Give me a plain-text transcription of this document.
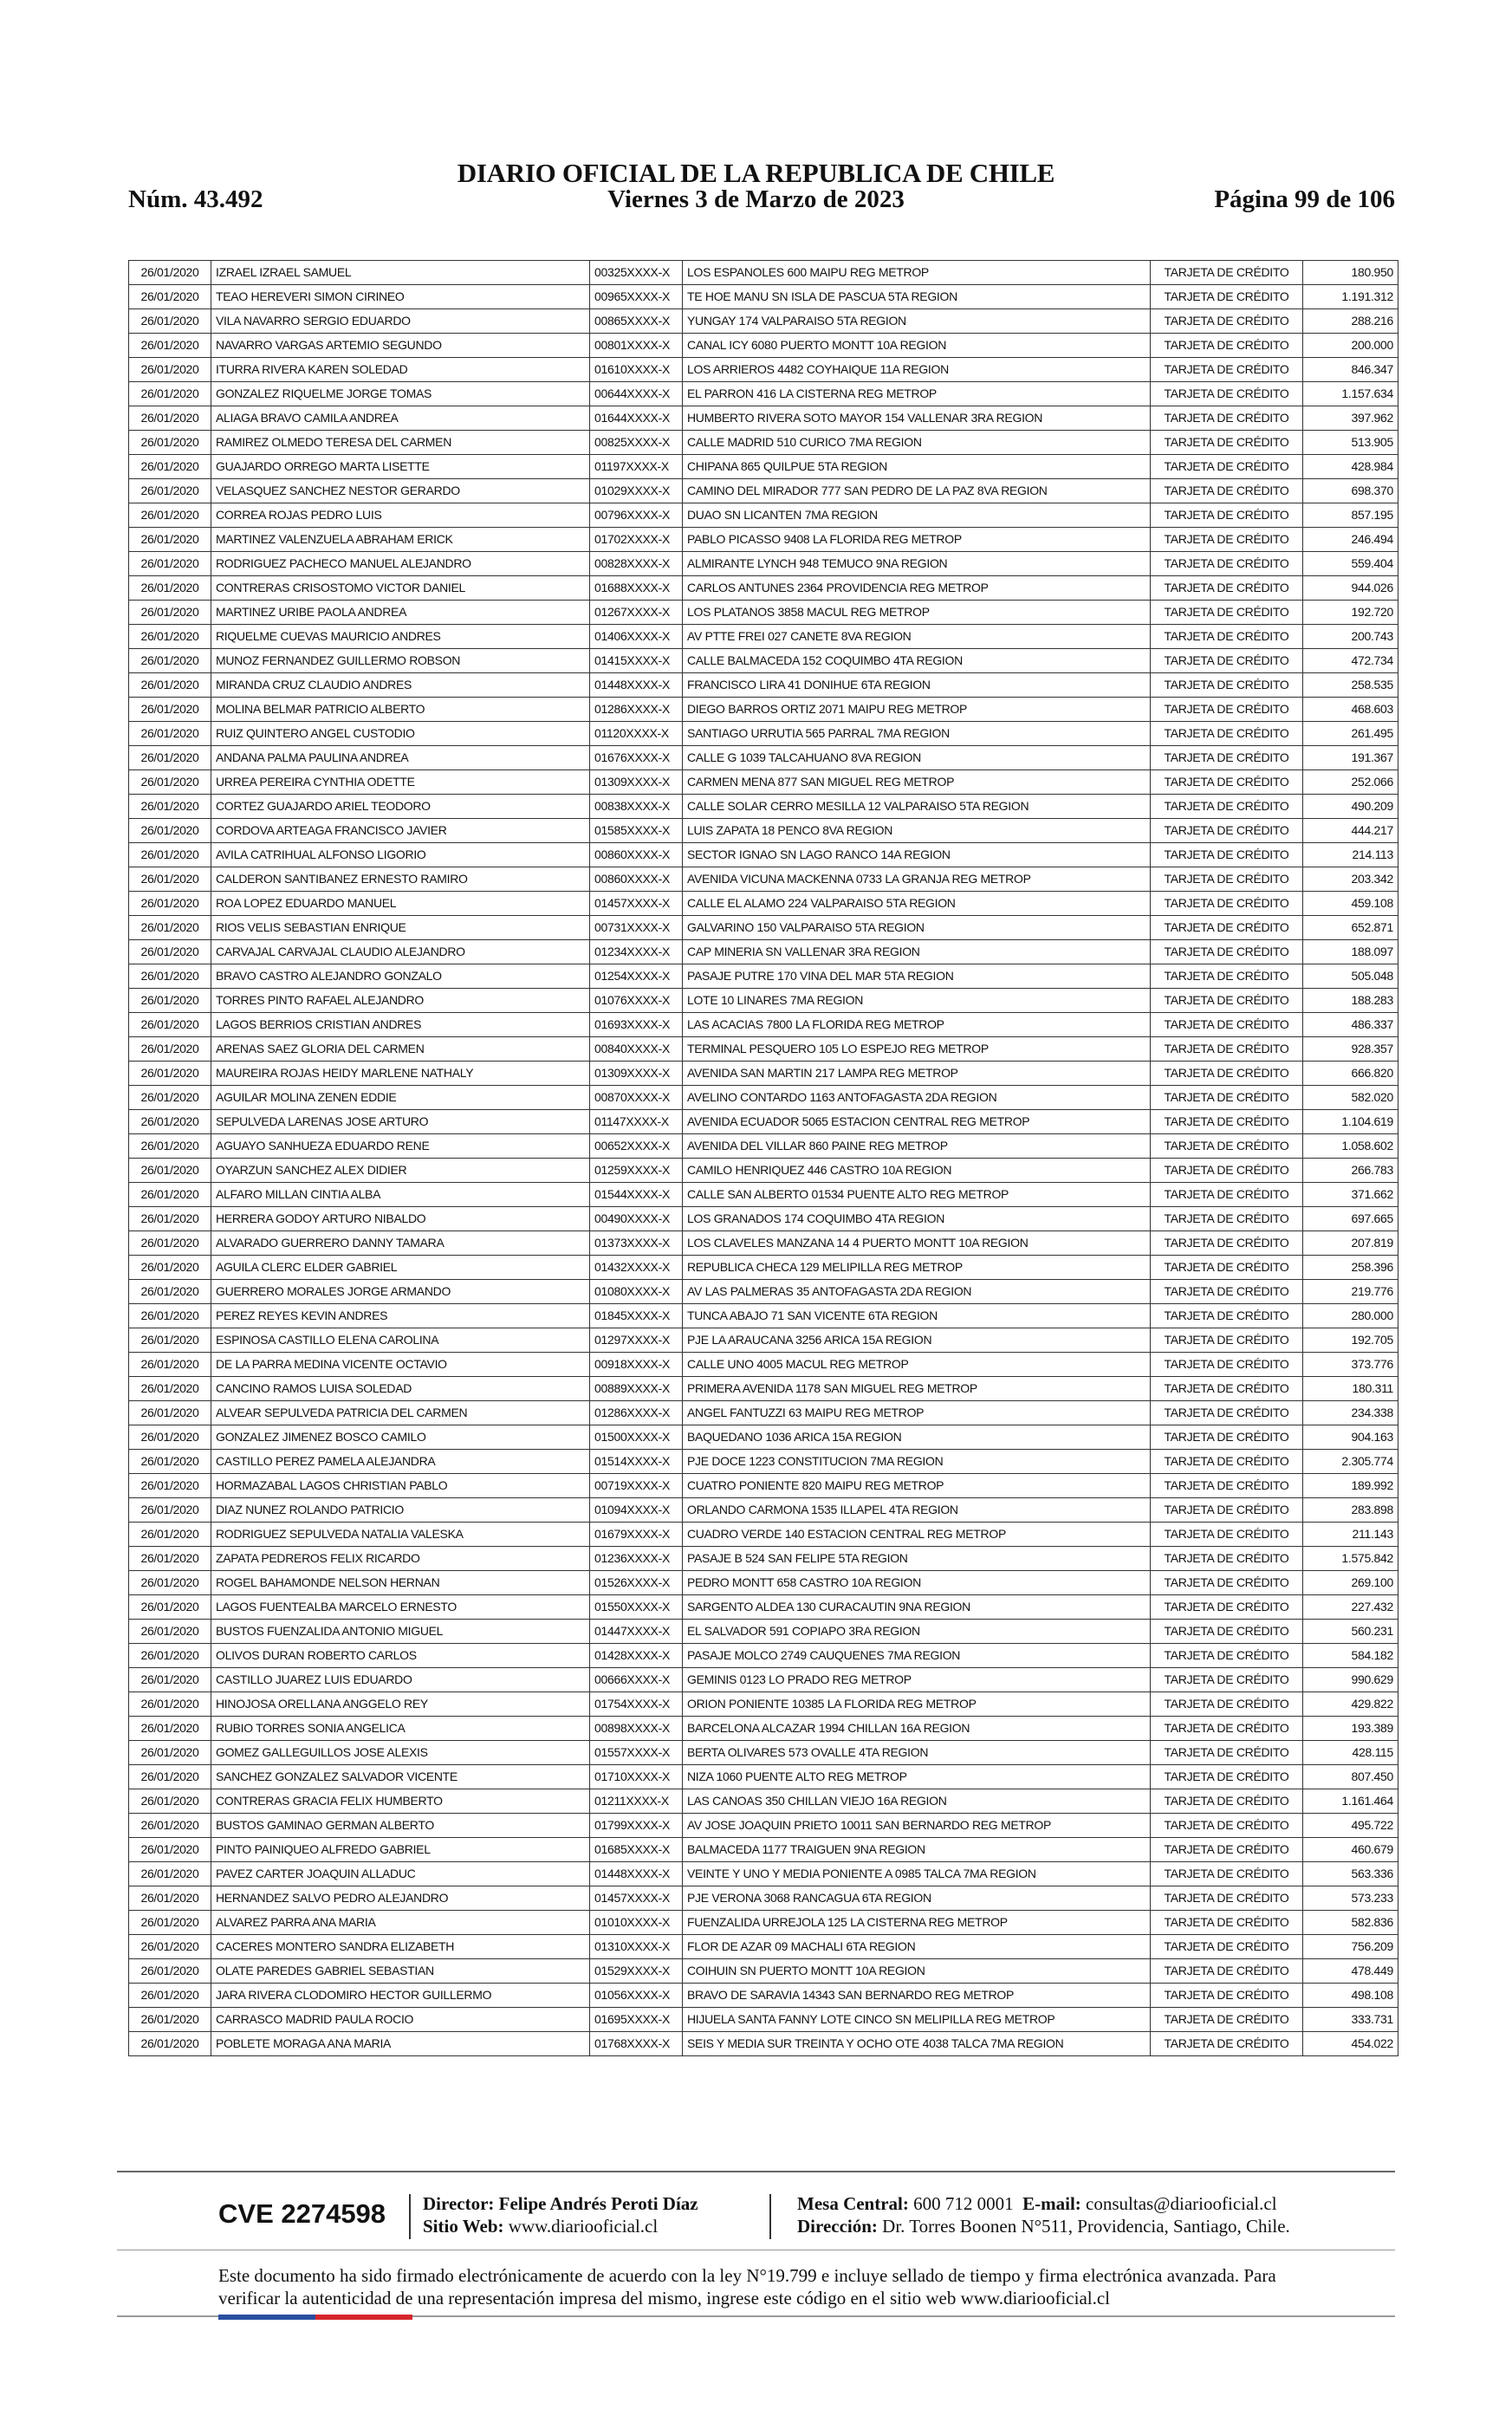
DIARIO OFICIAL DE LA REPUBLICA DE CHILE
Núm. 43.492	Viernes 3 de Marzo de 2023	Página 99 de 106
26/01/2020	IZRAEL IZRAEL SAMUEL	00325XXXX-X	LOS ESPANOLES 600 MAIPU REG METROP	TARJETA DE CRÉDITO	180.950
26/01/2020	TEAO HEREVERI SIMON CIRINEO	00965XXXX-X	TE HOE MANU SN ISLA DE PASCUA 5TA REGION	TARJETA DE CRÉDITO	1.191.312
26/01/2020	VILA NAVARRO SERGIO EDUARDO	00865XXXX-X	YUNGAY 174 VALPARAISO 5TA REGION	TARJETA DE CRÉDITO	288.216
26/01/2020	NAVARRO VARGAS ARTEMIO SEGUNDO	00801XXXX-X	CANAL ICY 6080 PUERTO MONTT 10A REGION	TARJETA DE CRÉDITO	200.000
26/01/2020	ITURRA RIVERA KAREN SOLEDAD	01610XXXX-X	LOS ARRIEROS 4482 COYHAIQUE 11A REGION	TARJETA DE CRÉDITO	846.347
26/01/2020	GONZALEZ RIQUELME JORGE TOMAS	00644XXXX-X	EL PARRON 416 LA CISTERNA REG METROP	TARJETA DE CRÉDITO	1.157.634
26/01/2020	ALIAGA BRAVO CAMILA ANDREA	01644XXXX-X	HUMBERTO RIVERA SOTO MAYOR 154 VALLENAR 3RA REGION	TARJETA DE CRÉDITO	397.962
26/01/2020	RAMIREZ OLMEDO TERESA DEL CARMEN	00825XXXX-X	CALLE MADRID 510 CURICO 7MA REGION	TARJETA DE CRÉDITO	513.905
26/01/2020	GUAJARDO ORREGO MARTA LISETTE	01197XXXX-X	CHIPANA 865 QUILPUE 5TA REGION	TARJETA DE CRÉDITO	428.984
26/01/2020	VELASQUEZ SANCHEZ NESTOR GERARDO	01029XXXX-X	CAMINO DEL MIRADOR 777 SAN PEDRO DE LA PAZ 8VA REGION	TARJETA DE CRÉDITO	698.370
26/01/2020	CORREA ROJAS PEDRO LUIS	00796XXXX-X	DUAO SN LICANTEN 7MA REGION	TARJETA DE CRÉDITO	857.195
26/01/2020	MARTINEZ VALENZUELA ABRAHAM ERICK	01702XXXX-X	PABLO PICASSO 9408 LA FLORIDA REG METROP	TARJETA DE CRÉDITO	246.494
26/01/2020	RODRIGUEZ PACHECO MANUEL ALEJANDRO	00828XXXX-X	ALMIRANTE LYNCH 948 TEMUCO 9NA REGION	TARJETA DE CRÉDITO	559.404
26/01/2020	CONTRERAS CRISOSTOMO VICTOR DANIEL	01688XXXX-X	CARLOS ANTUNES 2364 PROVIDENCIA REG METROP	TARJETA DE CRÉDITO	944.026
26/01/2020	MARTINEZ URIBE PAOLA ANDREA	01267XXXX-X	LOS PLATANOS 3858 MACUL REG METROP	TARJETA DE CRÉDITO	192.720
26/01/2020	RIQUELME CUEVAS MAURICIO ANDRES	01406XXXX-X	AV PTTE FREI 027 CANETE 8VA REGION	TARJETA DE CRÉDITO	200.743
26/01/2020	MUNOZ FERNANDEZ GUILLERMO ROBSON	01415XXXX-X	CALLE BALMACEDA 152 COQUIMBO 4TA REGION	TARJETA DE CRÉDITO	472.734
26/01/2020	MIRANDA CRUZ CLAUDIO ANDRES	01448XXXX-X	FRANCISCO LIRA 41 DONIHUE 6TA REGION	TARJETA DE CRÉDITO	258.535
26/01/2020	MOLINA BELMAR PATRICIO ALBERTO	01286XXXX-X	DIEGO BARROS ORTIZ 2071 MAIPU REG METROP	TARJETA DE CRÉDITO	468.603
26/01/2020	RUIZ QUINTERO ANGEL CUSTODIO	01120XXXX-X	SANTIAGO URRUTIA 565 PARRAL 7MA REGION	TARJETA DE CRÉDITO	261.495
26/01/2020	ANDANA PALMA PAULINA ANDREA	01676XXXX-X	CALLE G 1039 TALCAHUANO 8VA REGION	TARJETA DE CRÉDITO	191.367
26/01/2020	URREA PEREIRA CYNTHIA ODETTE	01309XXXX-X	CARMEN MENA 877 SAN MIGUEL REG METROP	TARJETA DE CRÉDITO	252.066
26/01/2020	CORTEZ GUAJARDO ARIEL TEODORO	00838XXXX-X	CALLE SOLAR CERRO MESILLA 12 VALPARAISO 5TA REGION	TARJETA DE CRÉDITO	490.209
26/01/2020	CORDOVA ARTEAGA FRANCISCO JAVIER	01585XXXX-X	LUIS ZAPATA 18 PENCO 8VA REGION	TARJETA DE CRÉDITO	444.217
26/01/2020	AVILA CATRIHUAL ALFONSO LIGORIO	00860XXXX-X	SECTOR IGNAO SN LAGO RANCO 14A REGION	TARJETA DE CRÉDITO	214.113
26/01/2020	CALDERON SANTIBANEZ ERNESTO RAMIRO	00860XXXX-X	AVENIDA VICUNA MACKENNA 0733 LA GRANJA REG METROP	TARJETA DE CRÉDITO	203.342
26/01/2020	ROA LOPEZ EDUARDO MANUEL	01457XXXX-X	CALLE EL ALAMO 224 VALPARAISO 5TA REGION	TARJETA DE CRÉDITO	459.108
26/01/2020	RIOS VELIS SEBASTIAN ENRIQUE	00731XXXX-X	GALVARINO 150 VALPARAISO 5TA REGION	TARJETA DE CRÉDITO	652.871
26/01/2020	CARVAJAL CARVAJAL CLAUDIO ALEJANDRO	01234XXXX-X	CAP MINERIA SN VALLENAR 3RA REGION	TARJETA DE CRÉDITO	188.097
26/01/2020	BRAVO CASTRO ALEJANDRO GONZALO	01254XXXX-X	PASAJE PUTRE 170 VINA DEL MAR 5TA REGION	TARJETA DE CRÉDITO	505.048
26/01/2020	TORRES PINTO RAFAEL ALEJANDRO	01076XXXX-X	LOTE 10 LINARES 7MA REGION	TARJETA DE CRÉDITO	188.283
26/01/2020	LAGOS BERRIOS CRISTIAN ANDRES	01693XXXX-X	LAS ACACIAS 7800 LA FLORIDA REG METROP	TARJETA DE CRÉDITO	486.337
26/01/2020	ARENAS SAEZ GLORIA DEL CARMEN	00840XXXX-X	TERMINAL PESQUERO 105 LO ESPEJO REG METROP	TARJETA DE CRÉDITO	928.357
26/01/2020	MAUREIRA ROJAS HEIDY MARLENE NATHALY	01309XXXX-X	AVENIDA SAN MARTIN 217 LAMPA REG METROP	TARJETA DE CRÉDITO	666.820
26/01/2020	AGUILAR MOLINA ZENEN EDDIE	00870XXXX-X	AVELINO CONTARDO 1163 ANTOFAGASTA 2DA REGION	TARJETA DE CRÉDITO	582.020
26/01/2020	SEPULVEDA LARENAS JOSE ARTURO	01147XXXX-X	AVENIDA ECUADOR 5065 ESTACION CENTRAL REG METROP	TARJETA DE CRÉDITO	1.104.619
26/01/2020	AGUAYO SANHUEZA EDUARDO RENE	00652XXXX-X	AVENIDA DEL VILLAR 860 PAINE REG METROP	TARJETA DE CRÉDITO	1.058.602
26/01/2020	OYARZUN SANCHEZ ALEX DIDIER	01259XXXX-X	CAMILO HENRIQUEZ 446 CASTRO 10A REGION	TARJETA DE CRÉDITO	266.783
26/01/2020	ALFARO MILLAN CINTIA ALBA	01544XXXX-X	CALLE SAN ALBERTO 01534 PUENTE ALTO REG METROP	TARJETA DE CRÉDITO	371.662
26/01/2020	HERRERA GODOY ARTURO NIBALDO	00490XXXX-X	LOS GRANADOS 174 COQUIMBO 4TA REGION	TARJETA DE CRÉDITO	697.665
26/01/2020	ALVARADO GUERRERO DANNY TAMARA	01373XXXX-X	LOS CLAVELES MANZANA 14 4 PUERTO MONTT 10A REGION	TARJETA DE CRÉDITO	207.819
26/01/2020	AGUILA CLERC ELDER GABRIEL	01432XXXX-X	REPUBLICA CHECA 129 MELIPILLA REG METROP	TARJETA DE CRÉDITO	258.396
26/01/2020	GUERRERO MORALES JORGE ARMANDO	01080XXXX-X	AV LAS PALMERAS 35 ANTOFAGASTA 2DA REGION	TARJETA DE CRÉDITO	219.776
26/01/2020	PEREZ REYES KEVIN ANDRES	01845XXXX-X	TUNCA ABAJO 71 SAN VICENTE 6TA REGION	TARJETA DE CRÉDITO	280.000
26/01/2020	ESPINOSA CASTILLO ELENA CAROLINA	01297XXXX-X	PJE LA ARAUCANA 3256 ARICA 15A REGION	TARJETA DE CRÉDITO	192.705
26/01/2020	DE LA PARRA MEDINA VICENTE OCTAVIO	00918XXXX-X	CALLE UNO 4005 MACUL REG METROP	TARJETA DE CRÉDITO	373.776
26/01/2020	CANCINO RAMOS LUISA SOLEDAD	00889XXXX-X	PRIMERA AVENIDA 1178 SAN MIGUEL REG METROP	TARJETA DE CRÉDITO	180.311
26/01/2020	ALVEAR SEPULVEDA PATRICIA DEL CARMEN	01286XXXX-X	ANGEL FANTUZZI 63 MAIPU REG METROP	TARJETA DE CRÉDITO	234.338
26/01/2020	GONZALEZ JIMENEZ BOSCO CAMILO	01500XXXX-X	BAQUEDANO 1036 ARICA 15A REGION	TARJETA DE CRÉDITO	904.163
26/01/2020	CASTILLO PEREZ PAMELA ALEJANDRA	01514XXXX-X	PJE DOCE 1223 CONSTITUCION 7MA REGION	TARJETA DE CRÉDITO	2.305.774
26/01/2020	HORMAZABAL LAGOS CHRISTIAN PABLO	00719XXXX-X	CUATRO PONIENTE 820 MAIPU REG METROP	TARJETA DE CRÉDITO	189.992
26/01/2020	DIAZ NUNEZ ROLANDO PATRICIO	01094XXXX-X	ORLANDO CARMONA 1535 ILLAPEL 4TA REGION	TARJETA DE CRÉDITO	283.898
26/01/2020	RODRIGUEZ SEPULVEDA NATALIA VALESKA	01679XXXX-X	CUADRO VERDE 140 ESTACION CENTRAL REG METROP	TARJETA DE CRÉDITO	211.143
26/01/2020	ZAPATA PEDREROS FELIX RICARDO	01236XXXX-X	PASAJE B 524 SAN FELIPE 5TA REGION	TARJETA DE CRÉDITO	1.575.842
26/01/2020	ROGEL BAHAMONDE NELSON HERNAN	01526XXXX-X	PEDRO MONTT 658 CASTRO 10A REGION	TARJETA DE CRÉDITO	269.100
26/01/2020	LAGOS FUENTEALBA MARCELO ERNESTO	01550XXXX-X	SARGENTO ALDEA 130 CURACAUTIN 9NA REGION	TARJETA DE CRÉDITO	227.432
26/01/2020	BUSTOS FUENZALIDA ANTONIO MIGUEL	01447XXXX-X	EL SALVADOR 591 COPIAPO 3RA REGION	TARJETA DE CRÉDITO	560.231
26/01/2020	OLIVOS DURAN ROBERTO CARLOS	01428XXXX-X	PASAJE MOLCO 2749 CAUQUENES 7MA REGION	TARJETA DE CRÉDITO	584.182
26/01/2020	CASTILLO JUAREZ LUIS EDUARDO	00666XXXX-X	GEMINIS 0123 LO PRADO REG METROP	TARJETA DE CRÉDITO	990.629
26/01/2020	HINOJOSA ORELLANA ANGGELO REY	01754XXXX-X	ORION PONIENTE 10385 LA FLORIDA REG METROP	TARJETA DE CRÉDITO	429.822
26/01/2020	RUBIO TORRES SONIA ANGELICA	00898XXXX-X	BARCELONA ALCAZAR 1994 CHILLAN 16A REGION	TARJETA DE CRÉDITO	193.389
26/01/2020	GOMEZ GALLEGUILLOS JOSE ALEXIS	01557XXXX-X	BERTA OLIVARES 573 OVALLE 4TA REGION	TARJETA DE CRÉDITO	428.115
26/01/2020	SANCHEZ GONZALEZ SALVADOR VICENTE	01710XXXX-X	NIZA 1060 PUENTE ALTO REG METROP	TARJETA DE CRÉDITO	807.450
26/01/2020	CONTRERAS GRACIA FELIX HUMBERTO	01211XXXX-X	LAS CANOAS 350 CHILLAN VIEJO 16A REGION	TARJETA DE CRÉDITO	1.161.464
26/01/2020	BUSTOS GAMINAO GERMAN ALBERTO	01799XXXX-X	AV JOSE JOAQUIN PRIETO 10011 SAN BERNARDO REG METROP	TARJETA DE CRÉDITO	495.722
26/01/2020	PINTO PAINIQUEO ALFREDO GABRIEL	01685XXXX-X	BALMACEDA 1177 TRAIGUEN 9NA REGION	TARJETA DE CRÉDITO	460.679
26/01/2020	PAVEZ CARTER JOAQUIN ALLADUC	01448XXXX-X	VEINTE Y UNO Y MEDIA PONIENTE A 0985 TALCA 7MA REGION	TARJETA DE CRÉDITO	563.336
26/01/2020	HERNANDEZ SALVO PEDRO ALEJANDRO	01457XXXX-X	PJE VERONA 3068 RANCAGUA 6TA REGION	TARJETA DE CRÉDITO	573.233
26/01/2020	ALVAREZ PARRA ANA MARIA	01010XXXX-X	FUENZALIDA URREJOLA 125 LA CISTERNA REG METROP	TARJETA DE CRÉDITO	582.836
26/01/2020	CACERES MONTERO SANDRA ELIZABETH	01310XXXX-X	FLOR DE AZAR 09 MACHALI 6TA REGION	TARJETA DE CRÉDITO	756.209
26/01/2020	OLATE PAREDES GABRIEL SEBASTIAN	01529XXXX-X	COIHUIN SN PUERTO MONTT 10A REGION	TARJETA DE CRÉDITO	478.449
26/01/2020	JARA RIVERA CLODOMIRO HECTOR GUILLERMO	01056XXXX-X	BRAVO DE SARAVIA 14343 SAN BERNARDO REG METROP	TARJETA DE CRÉDITO	498.108
26/01/2020	CARRASCO MADRID PAULA ROCIO	01695XXXX-X	HIJUELA SANTA FANNY LOTE CINCO SN MELIPILLA REG METROP	TARJETA DE CRÉDITO	333.731
26/01/2020	POBLETE MORAGA ANA MARIA	01768XXXX-X	SEIS Y MEDIA SUR TREINTA Y OCHO OTE 4038 TALCA 7MA REGION	TARJETA DE CRÉDITO	454.022
CVE 2274598 Director: Felipe Andrés Peroti Díaz
Sitio Web: www.diariooficial.cl
Mesa Central: 600 712 0001 E-mail: consultas@diariooficial.cl
Dirección: Dr. Torres Boonen N°511, Providencia, Santiago, Chile.
Este documento ha sido firmado electrónicamente de acuerdo con la ley N°19.799 e incluye sellado de tiempo y firma electrónica avanzada. Para verificar la autenticidad de una representación impresa del mismo, ingrese este código en el sitio web www.diariooficial.cl
